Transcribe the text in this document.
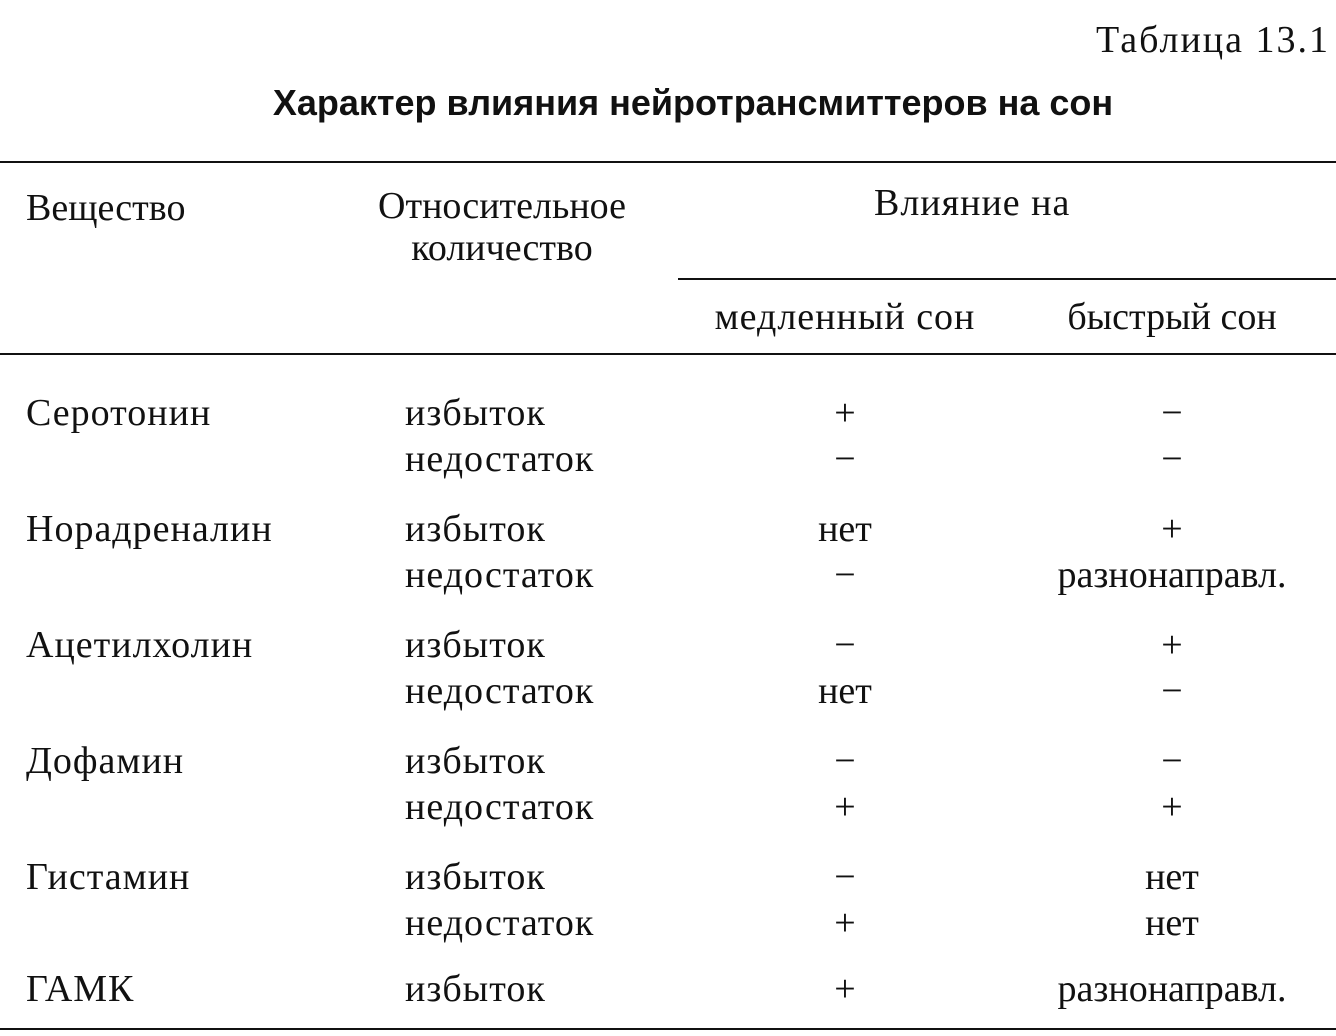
Таблица 13.1
Характер влияния нейротрансмиттеров на сон
Вещество	Относительное
количество
Влияние на
медленный сон	быстрый сон
Серотонин	избыток	+	−
недостаток	−	−
Норадреналин	избыток	нет	+
недостаток	−	разнонаправл.
Ацетилхолин	избыток	−	+
недостаток	нет	−
Дофамин	избыток	−	−
недостаток	+	+
Гистамин	избыток	−	нет
недостаток	+	нет
ГАМК	избыток	+	разнонаправл.
